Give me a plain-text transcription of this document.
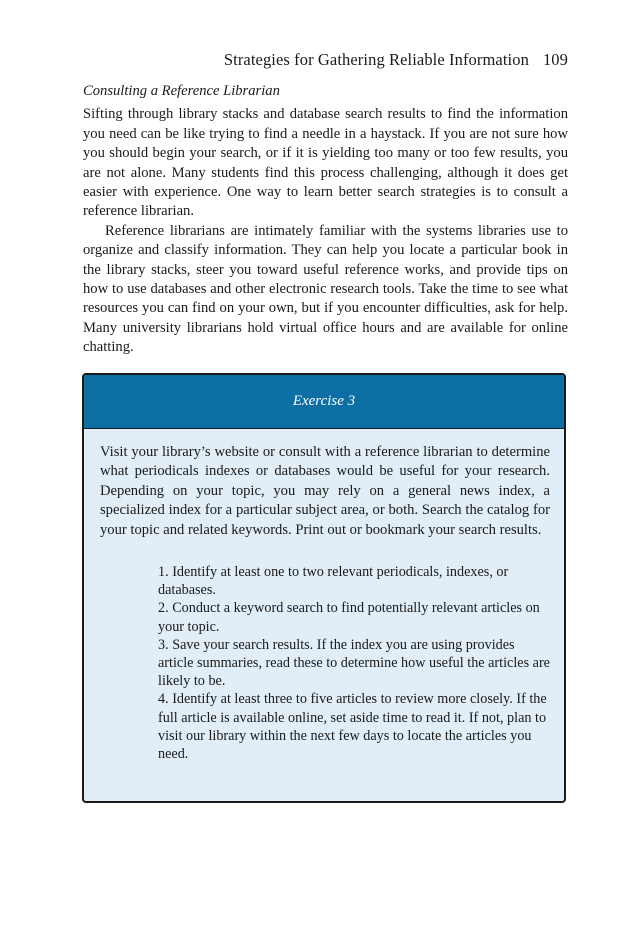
Strategies for Gathering Reliable Information 109
Consulting a Reference Librarian

Sifting through library stacks and database search results to find the information you need can be like trying to find a needle in a haystack. If you are not sure how you should begin your search, or if it is yielding too many or too few results, you are not alone. Many students find this process challenging, although it does get easier with experience. One way to learn better search strategies is to consult a reference librarian.

Reference librarians are intimately familiar with the systems libraries use to organize and classify information. They can help you locate a particular book in the library stacks, steer you toward useful reference works, and provide tips on how to use databases and other electronic research tools. Take the time to see what resources you can find on your own, but if you encounter difficulties, ask for help. Many university librarians hold virtual office hours and are available for online chatting.

Exercise 3

Visit your library’s website or consult with a reference librarian to determine what periodicals indexes or databases would be useful for your research. Depending on your topic, you may rely on a general news index, a specialized index for a particular subject area, or both. Search the catalog for your topic and related keywords. Print out or bookmark your search results.

1. Identify at least one to two relevant periodicals, indexes, or databases.
2. Conduct a keyword search to find potentially relevant articles on your topic.
3. Save your search results. If the index you are using provides article summaries, read these to determine how useful the articles are likely to be.
4. Identify at least three to five articles to review more closely. If the full article is available online, set aside time to read it. If not, plan to visit our library within the next few days to locate the articles you need.
